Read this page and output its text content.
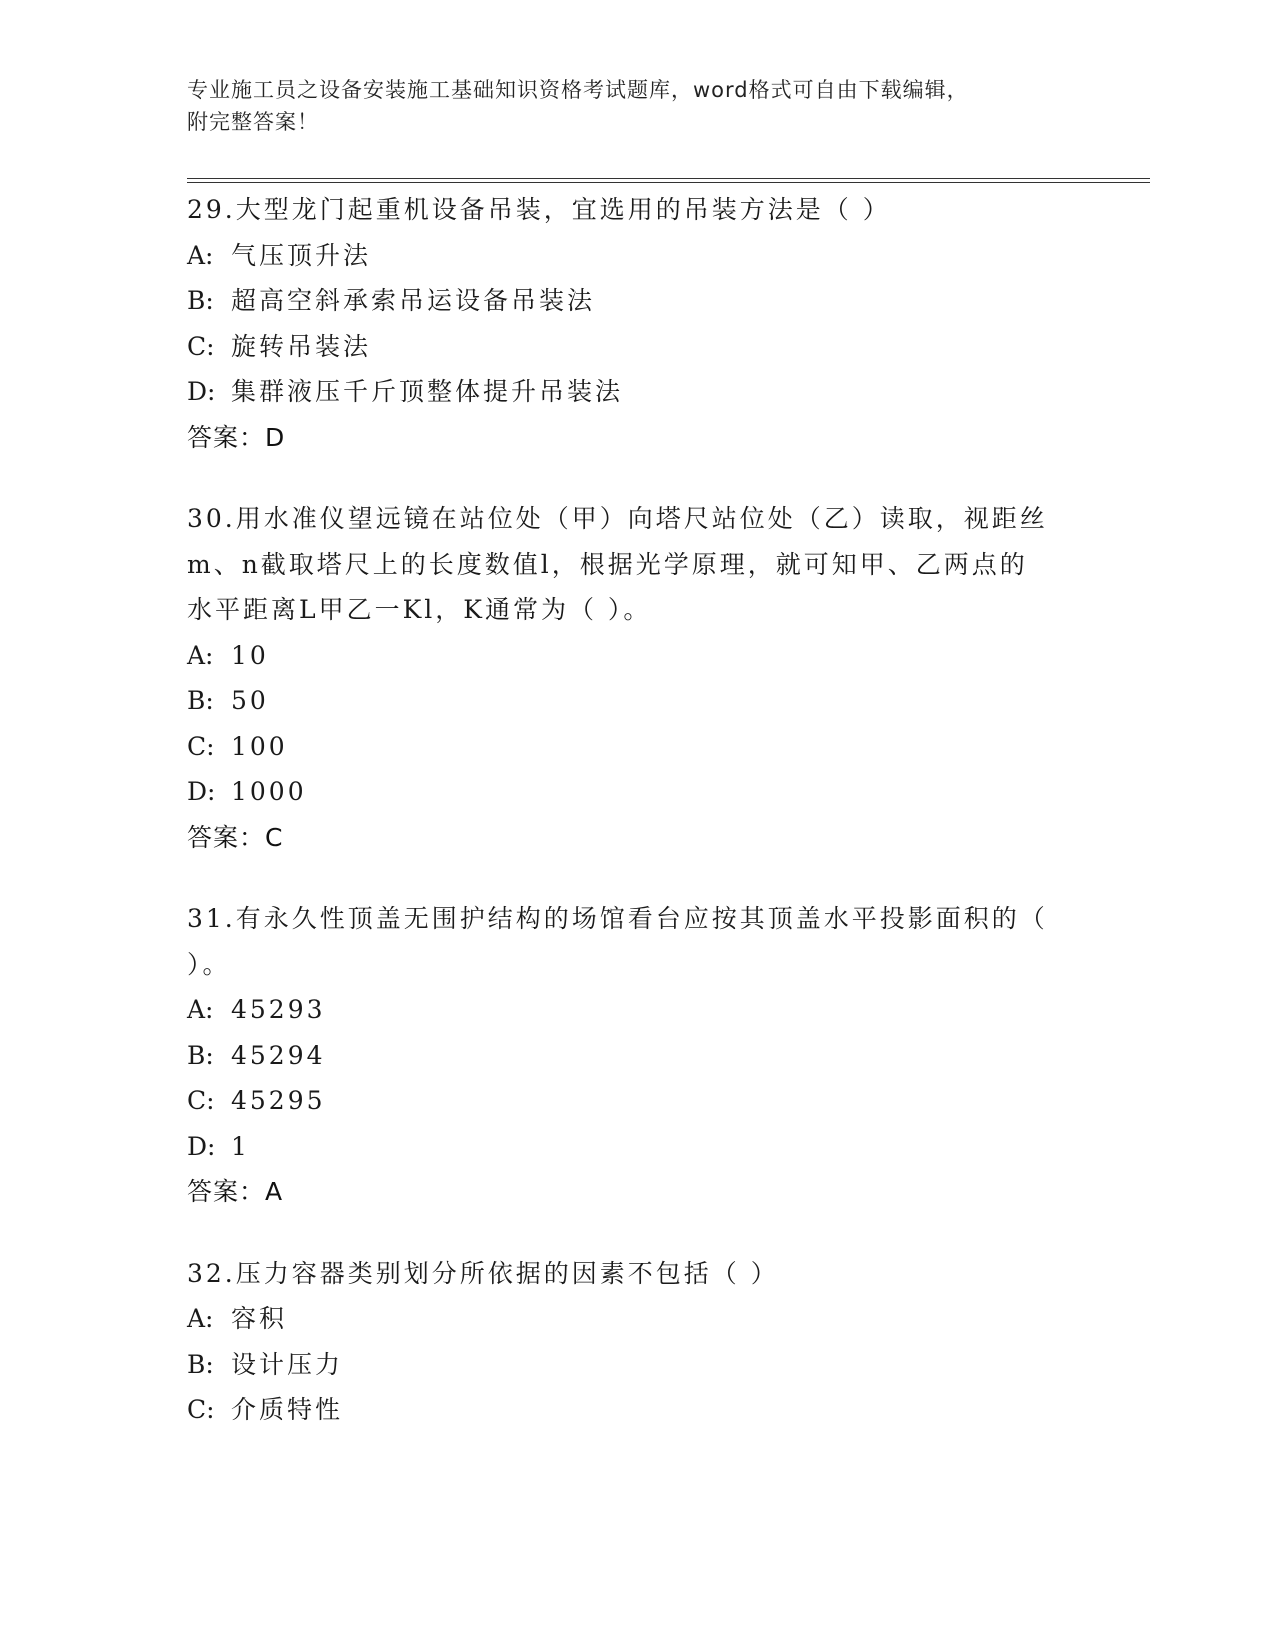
专业施工员之设备安装施工基础知识资格考试题库，word格式可自由下载编辑，
附完整答案！
29.大型龙门起重机设备吊装，宜选用的吊装方法是（ ）
A: 气压顶升法
B: 超高空斜承索吊运设备吊装法
C: 旋转吊装法
D: 集群液压千斤顶整体提升吊装法
答案：D
30.用水准仪望远镜在站位处（甲）向塔尺站位处（乙）读取，视距丝
m、n截取塔尺上的长度数值l，根据光学原理，就可知甲、乙两点的
水平距离L甲乙一Kl，K通常为（ ）。
A: 10
B: 50
C: 100
D: 1000
答案：C
31.有永久性顶盖无围护结构的场馆看台应按其顶盖水平投影面积的（
）。
A: 45293
B: 45294
C: 45295
D: 1
答案：A
32.压力容器类别划分所依据的因素不包括（ ）
A: 容积
B: 设计压力
C: 介质特性
